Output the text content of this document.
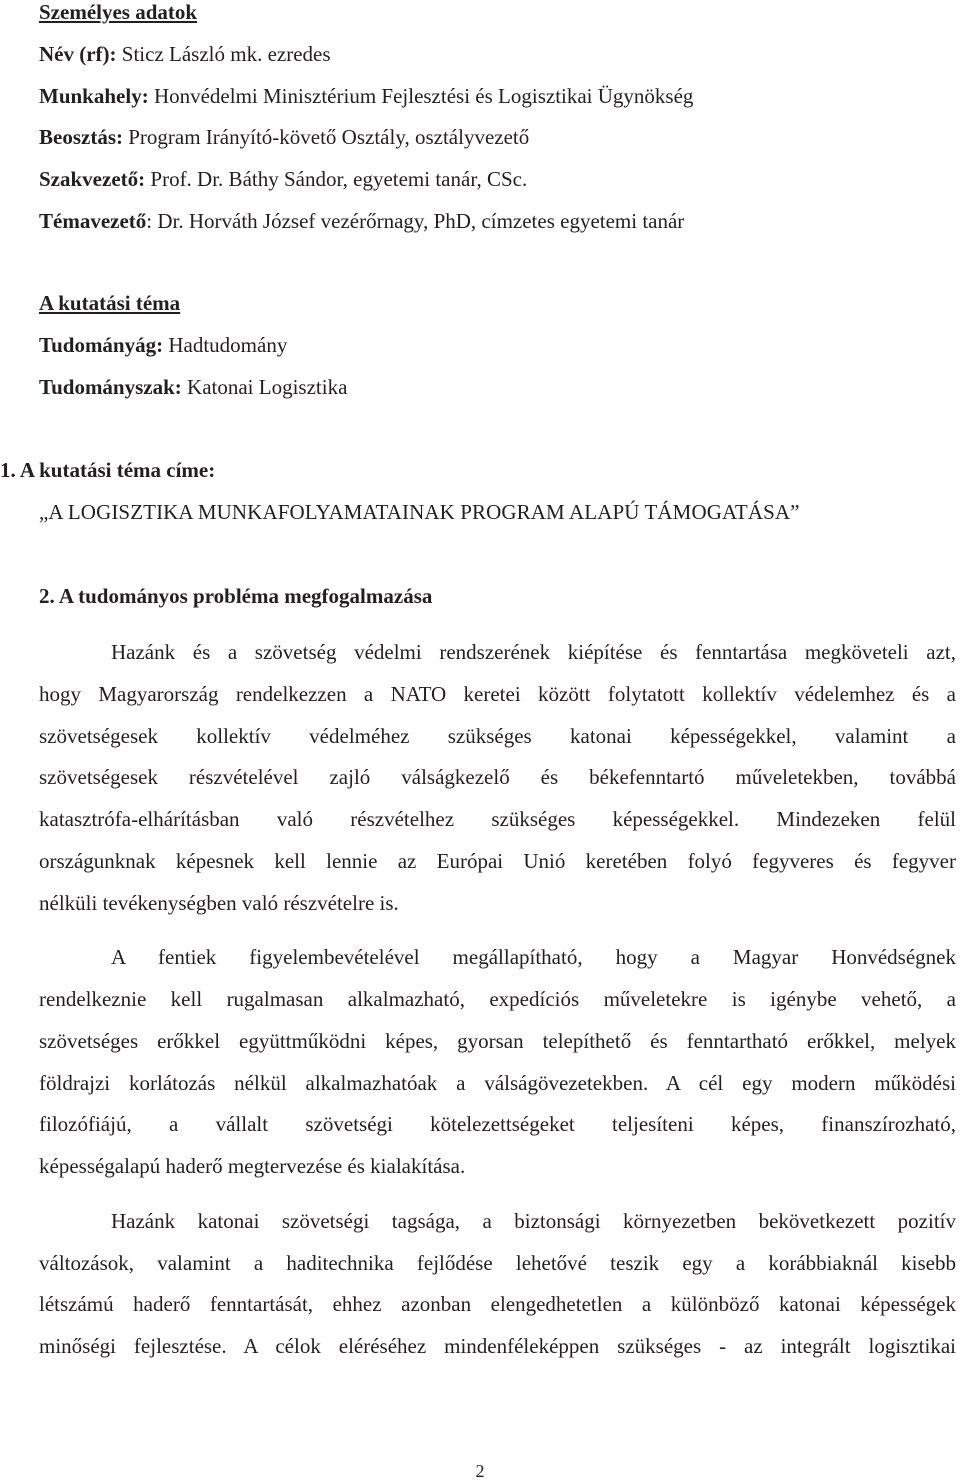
Személyes adatok
Név (rf): Sticz László mk. ezredes
Munkahely: Honvédelmi Minisztérium Fejlesztési és Logisztikai Ügynökség
Beosztás: Program Irányító-követő Osztály, osztályvezető
Szakvezető: Prof. Dr. Báthy Sándor, egyetemi tanár, CSc.
Témavezető: Dr. Horváth József vezérőrnagy, PhD, címzetes egyetemi tanár
A kutatási téma
Tudományág: Hadtudomány
Tudományszak: Katonai Logisztika
1. A kutatási téma címe:
„A LOGISZTIKA MUNKAFOLYAMATAINAK PROGRAM ALAPÚ TÁMOGATÁSA”
2. A tudományos probléma megfogalmazása
Hazánk és a szövetség védelmi rendszerének kiépítése és fenntartása megköveteli azt,
hogy Magyarország rendelkezzen a NATO keretei között folytatott kollektív védelemhez és a
szövetségesek kollektív védelméhez szükséges katonai képességekkel, valamint a
szövetségesek részvételével zajló válságkezelő és békefenntartó műveletekben, továbbá
katasztrófa-elhárításban való részvételhez szükséges képességekkel. Mindezeken felül
országunknak képesnek kell lennie az Európai Unió keretében folyó fegyveres és fegyver
nélküli tevékenységben való részvételre is.
A fentiek figyelembevételével megállapítható, hogy a Magyar Honvédségnek
rendelkeznie kell rugalmasan alkalmazható, expedíciós műveletekre is igénybe vehető, a
szövetséges erőkkel együttműködni képes, gyorsan telepíthető és fenntartható erőkkel, melyek
földrajzi korlátozás nélkül alkalmazhatóak a válságövezetekben. A cél egy modern működési
filozófiájú, a vállalt szövetségi kötelezettségeket teljesíteni képes, finanszírozható,
képességalapú haderő megtervezése és kialakítása.
Hazánk katonai szövetségi tagsága, a biztonsági környezetben bekövetkezett pozitív
változások, valamint a haditechnika fejlődése lehetővé teszik egy a korábbiaknál kisebb
létszámú haderő fenntartását, ehhez azonban elengedhetetlen a különböző katonai képességek
minőségi fejlesztése. A célok eléréséhez mindenféleképpen szükséges - az integrált logisztikai
2
